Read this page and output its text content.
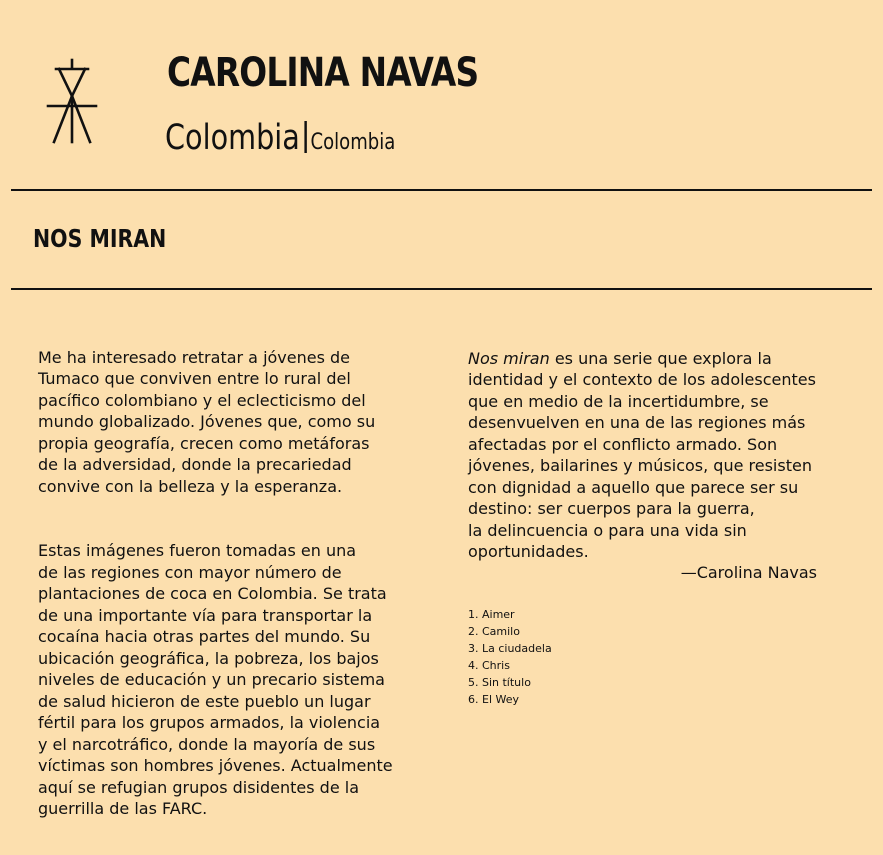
CAROLINA NAVAS
Colombia Colombia
NOS MIRAN

Me ha interesado retratar a jóvenes de
Tumaco que conviven entre lo rural del
pacífico colombiano y el eclecticismo del
mundo globalizado. Jóvenes que, como su
propia geografía, crecen como metáforas
de la adversidad, donde la precariedad
convive con la belleza y la esperanza.

Estas imágenes fueron tomadas en una
de las regiones con mayor número de
plantaciones de coca en Colombia. Se trata
de una importante vía para transportar la
cocaína hacia otras partes del mundo. Su
ubicación geográfica, la pobreza, los bajos
niveles de educación y un precario sistema
de salud hicieron de este pueblo un lugar
fértil para los grupos armados, la violencia
y el narcotráfico, donde la mayoría de sus
víctimas son hombres jóvenes. Actualmente
aquí se refugian grupos disidentes de la
guerrilla de las FARC.

Nos miran es una serie que explora la
identidad y el contexto de los adolescentes
que en medio de la incertidumbre, se
desenvuelven en una de las regiones más
afectadas por el conflicto armado. Son
jóvenes, bailarines y músicos, que resisten
con dignidad a aquello que parece ser su
destino: ser cuerpos para la guerra,
la delincuencia o para una vida sin
oportunidades.

—Carolina Navas
1. Aimer
2. Camilo
3. La ciudadela
4. Chris
5. Sin título
6. El Wey
